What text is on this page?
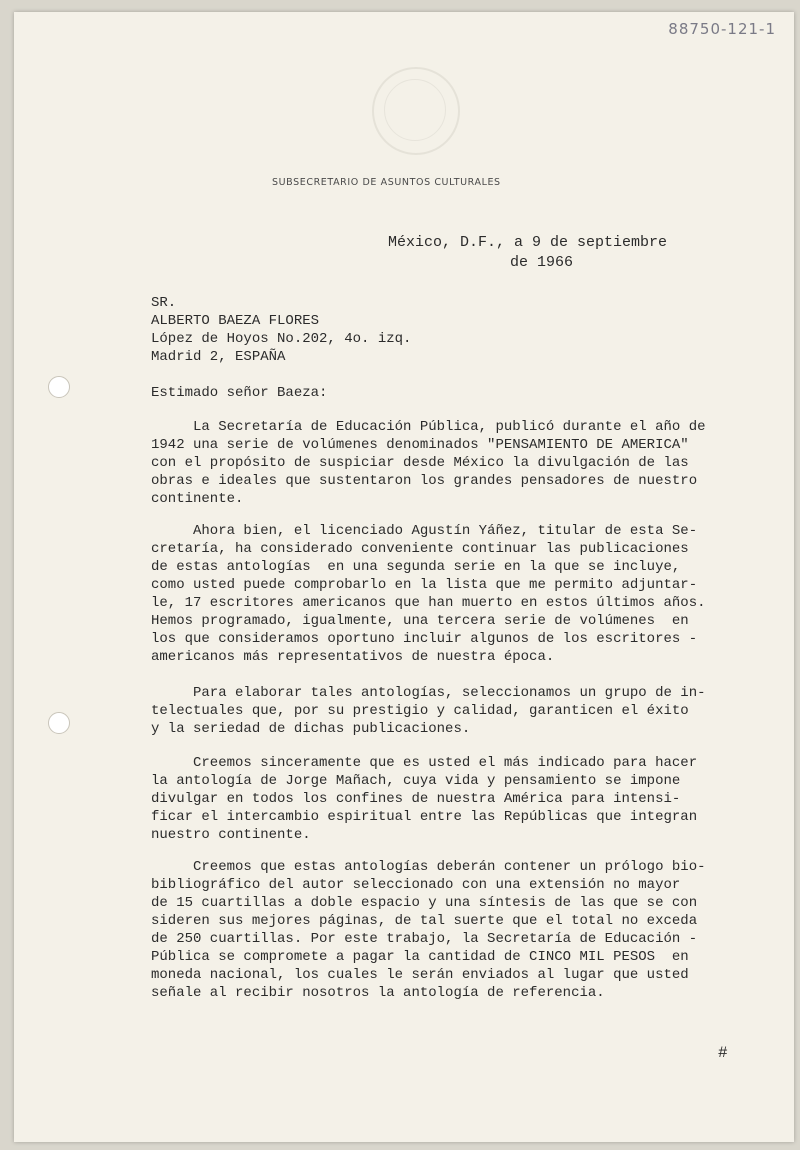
88750-121-1
SUBSECRETARIO DE ASUNTOS CULTURALES
México, D.F., a 9 de septiembre
de 1966
SR.
ALBERTO BAEZA FLORES
López de Hoyos No.202, 4o. izq.
Madrid 2, ESPAÑA
Estimado señor Baeza:
La Secretaría de Educación Pública, publicó durante el año de
1942 una serie de volúmenes denominados "PENSAMIENTO DE AMERICA"
con el propósito de suspiciar desde México la divulgación de las
obras e ideales que sustentaron los grandes pensadores de nuestro
continente.
Ahora bien, el licenciado Agustín Yáñez, titular de esta Se-
cretaría, ha considerado conveniente continuar las publicaciones
de estas antologías  en una segunda serie en la que se incluye,
como usted puede comprobarlo en la lista que me permito adjuntar-
le, 17 escritores americanos que han muerto en estos últimos años.
Hemos programado, igualmente, una tercera serie de volúmenes  en
los que consideramos oportuno incluir algunos de los escritores -
americanos más representativos de nuestra época.
Para elaborar tales antologías, seleccionamos un grupo de in-
telectuales que, por su prestigio y calidad, garanticen el éxito
y la seriedad de dichas publicaciones.
Creemos sinceramente que es usted el más indicado para hacer
la antología de Jorge Mañach, cuya vida y pensamiento se impone
divulgar en todos los confines de nuestra América para intensi-
ficar el intercambio espiritual entre las Repúblicas que integran
nuestro continente.
Creemos que estas antologías deberán contener un prólogo bio-
bibliográfico del autor seleccionado con una extensión no mayor
de 15 cuartillas a doble espacio y una síntesis de las que se con
sideren sus mejores páginas, de tal suerte que el total no exceda
de 250 cuartillas. Por este trabajo, la Secretaría de Educación -
Pública se compromete a pagar la cantidad de CINCO MIL PESOS  en
moneda nacional, los cuales le serán enviados al lugar que usted
señale al recibir nosotros la antología de referencia.
#
